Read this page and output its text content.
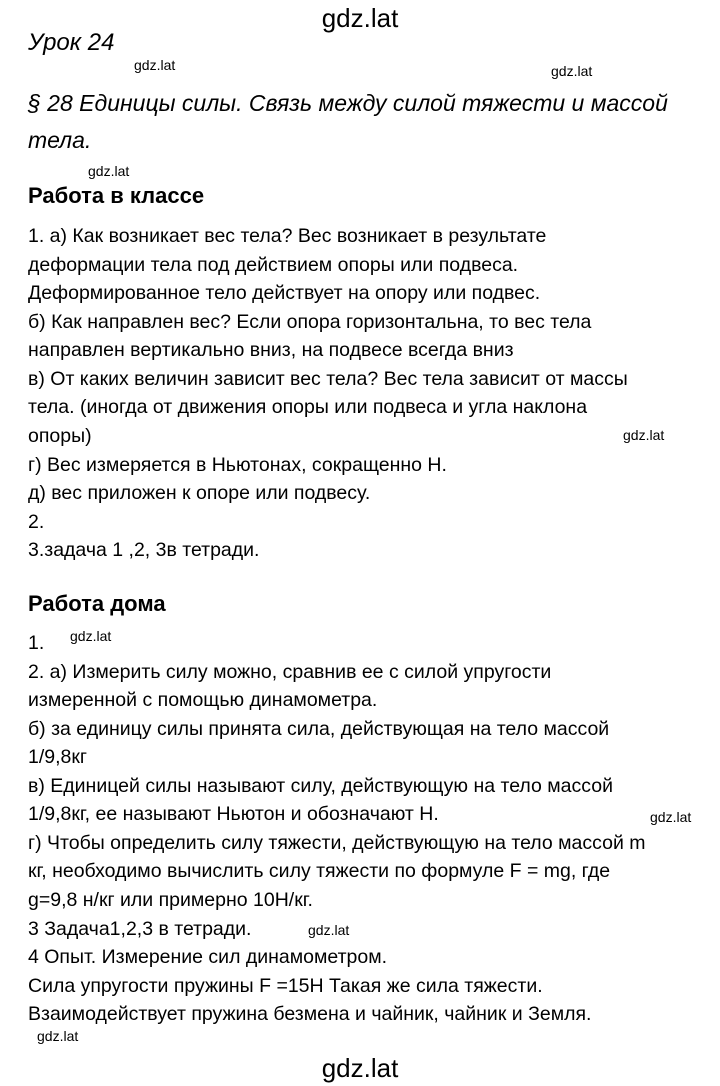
gdz.lat
gdz.lat	gdz.lat
gdz.lat
gdz.lat
gdz.lat
gdz.lat
gdz.lat
gdz.lat
Урок 24
§ 28 Единицы силы. Связь между силой тяжести и массой
тела.
Работа в классе
1. а) Как возникает вес тела? Вес возникает в результате
деформации тела под действием опоры или подвеса.
Деформированное тело действует на опору или подвес.
б) Как направлен вес? Если опора горизонтальна, то вес тела
направлен вертикально вниз, на подвесе всегда вниз
в) От каких величин зависит вес тела? Вес тела зависит от массы
тела. (иногда от движения опоры или подвеса и угла наклона
опоры)
г) Вес измеряется в Ньютонах, сокращенно Н.
д) вес приложен к опоре или подвесу.
2.
3.задача 1 ,2, 3в тетради.
Работа дома
1.
2. а) Измерить силу можно, сравнив ее с силой упругости
измеренной с помощью динамометра.
б) за единицу силы принята сила, действующая на тело массой
1/9,8кг
в) Единицей силы называют силу, действующую на тело массой
1/9,8кг, ее называют Ньютон и обозначают Н.
г) Чтобы определить силу тяжести, действующую на тело массой m
кг, необходимо вычислить силу тяжести по формуле F = mg, где
g=9,8 н/кг или примерно 10Н/кг.
3 Задача1,2,3 в тетради.
4 Опыт. Измерение сил динамометром.
Сила упругости пружины F =15Н Такая же сила тяжести.
Взаимодействует пружина безмена и чайник, чайник и Земля.
gdz.lat
